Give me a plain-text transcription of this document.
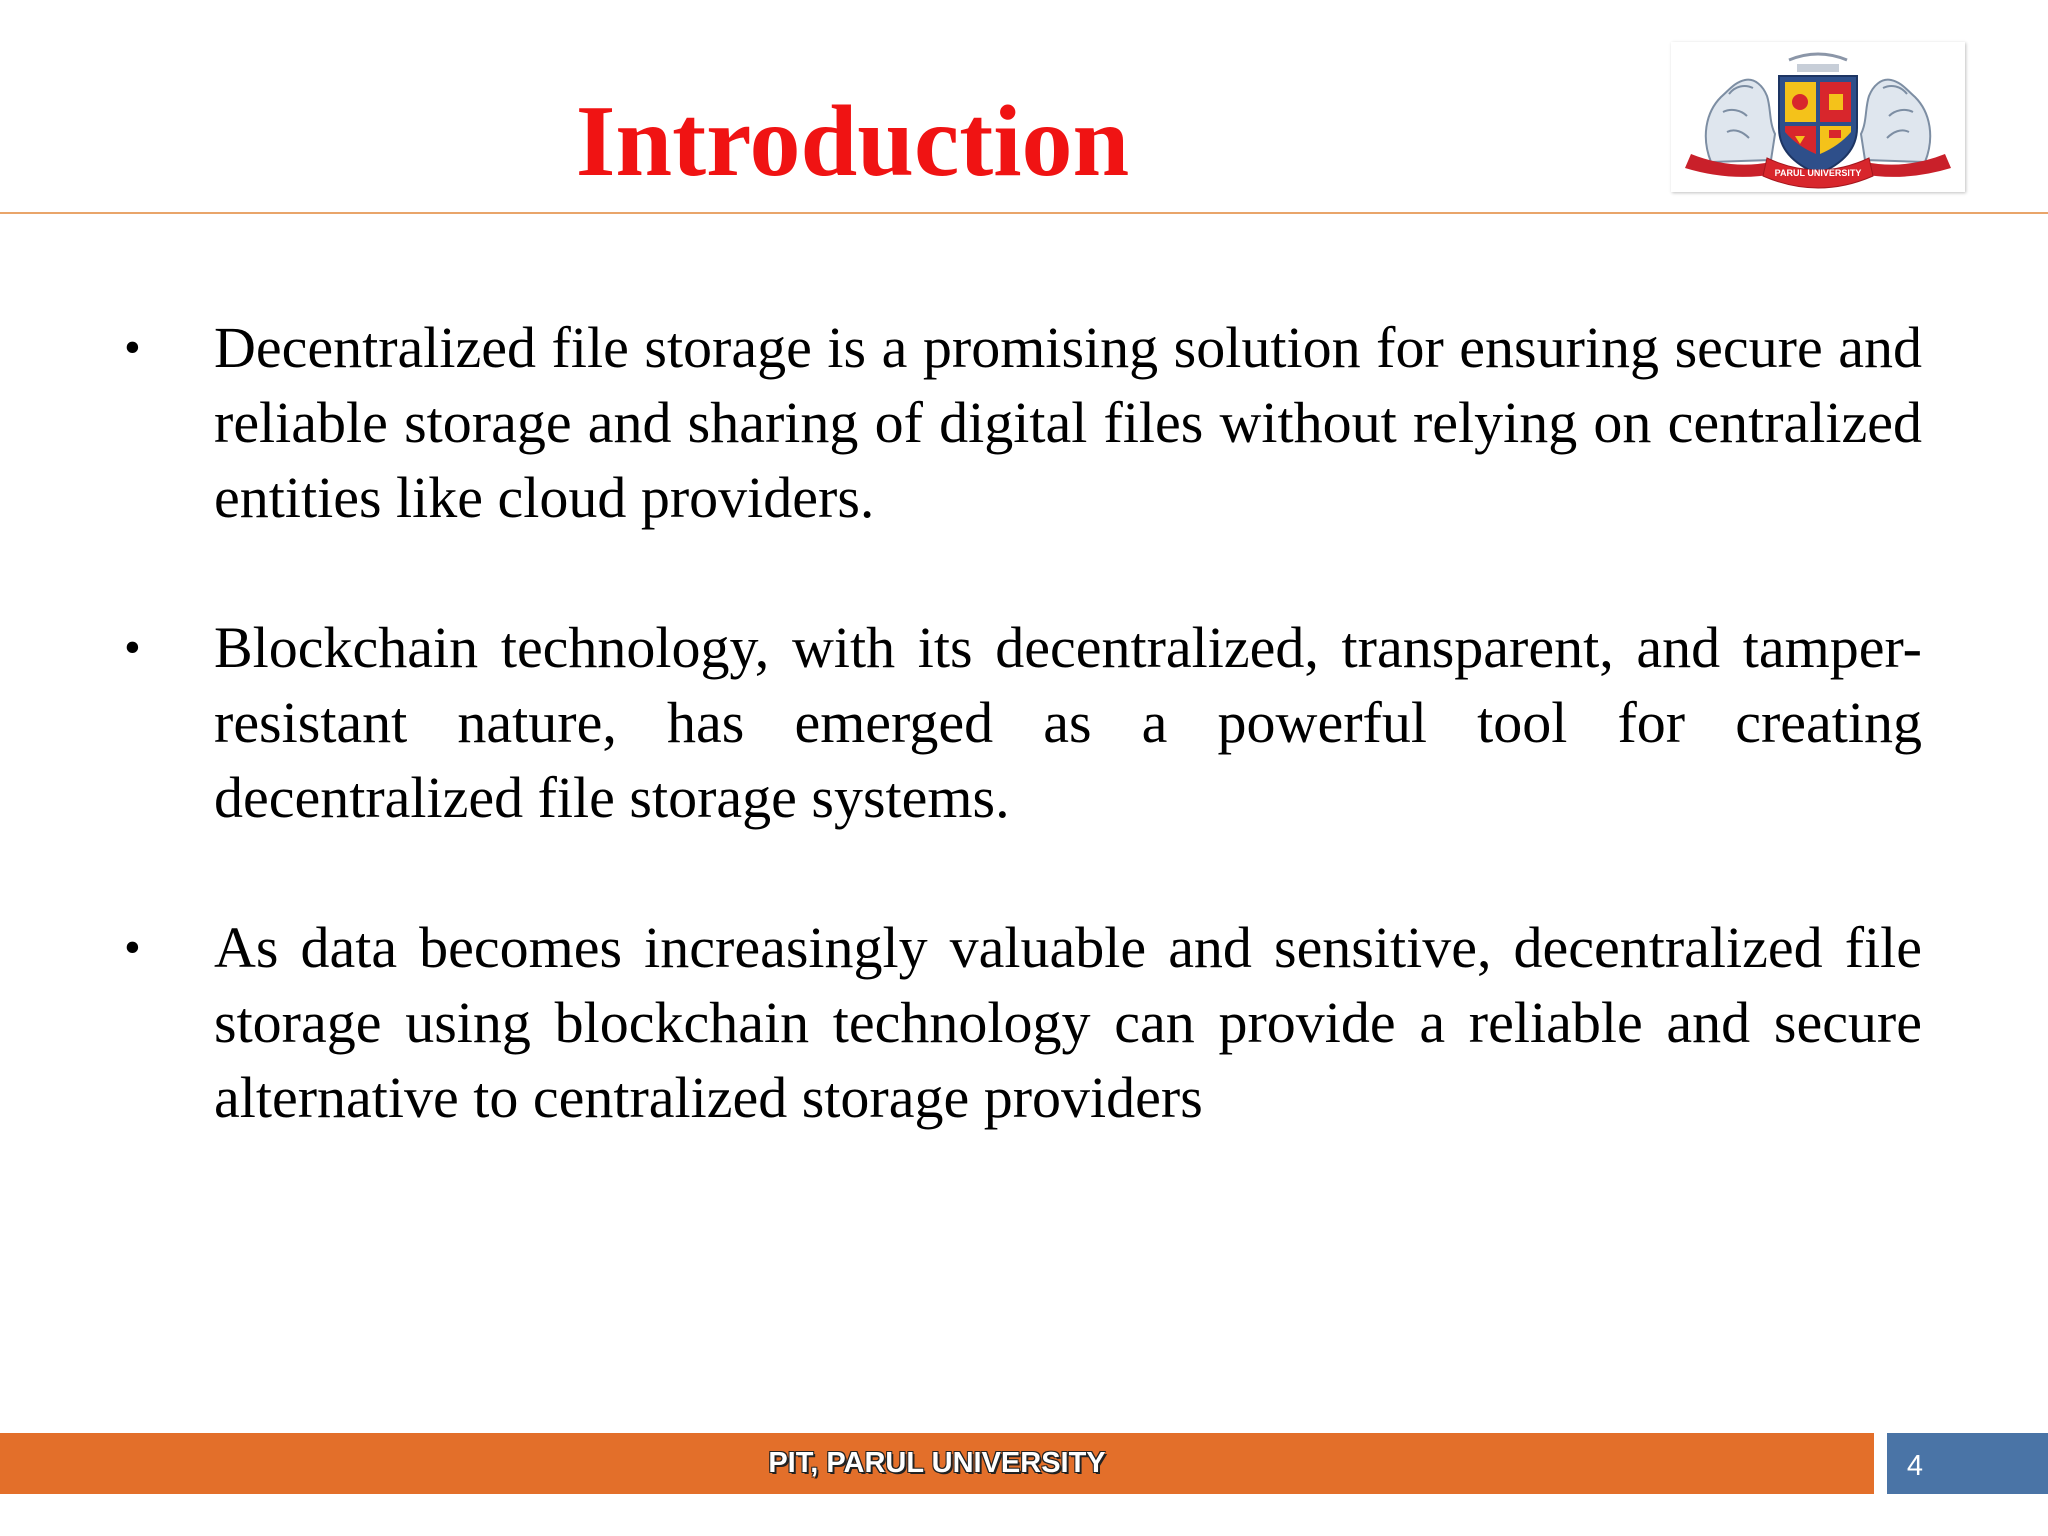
Introduction	PARUL UNIVERSITY
• Decentralized file storage is a promising solution for ensuring secure and reliable storage and sharing of digital files without relying on centralized entities like cloud providers.
• Blockchain technology, with its decentralized, transparent, and tamper-resistant nature, has emerged as a powerful tool for creating decentralized file storage systems.
• As data becomes increasingly valuable and sensitive, decentralized file storage using blockchain technology can provide a reliable and secure alternative to centralized storage providers
PIT, PARUL UNIVERSITY	4
